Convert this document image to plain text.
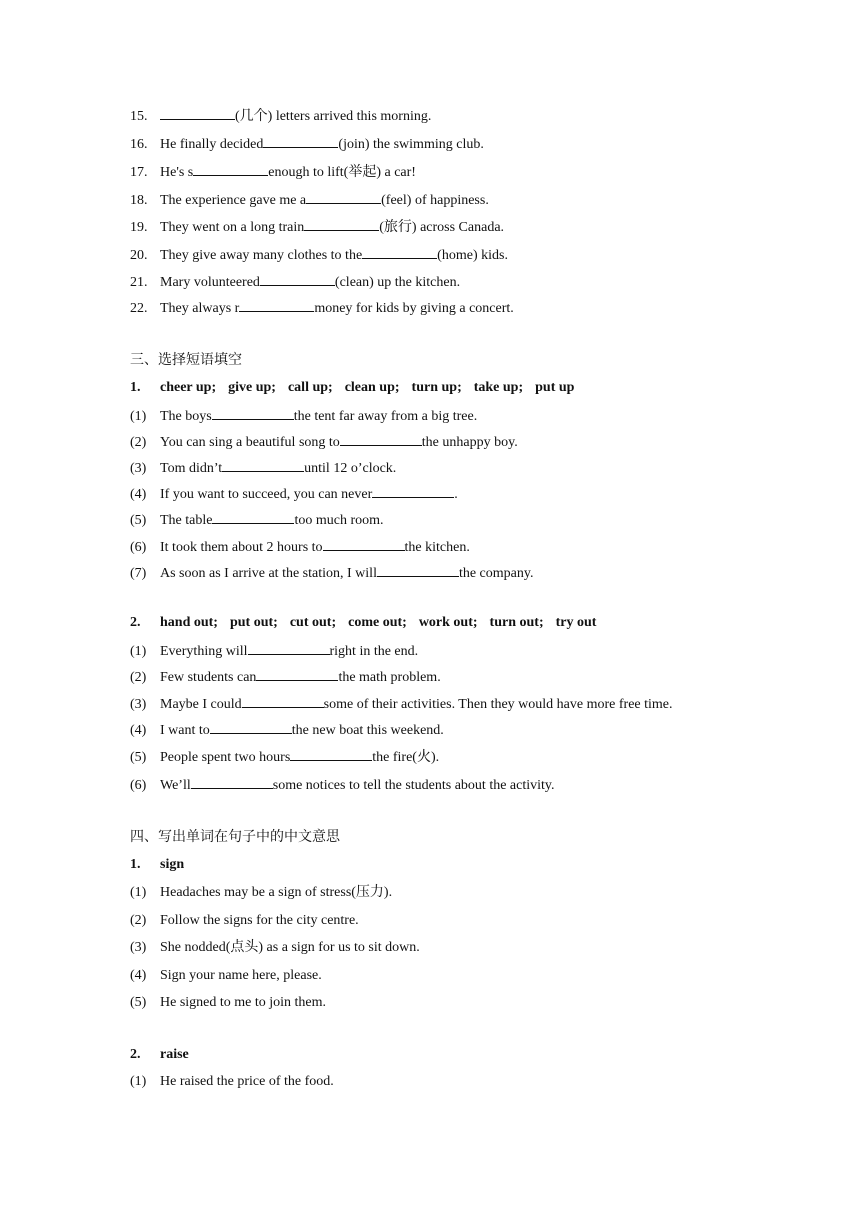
15.	(几个) letters arrived this morning.
16. He finally decided	(join) the swimming club.
17. He's s	enough to lift(举起) a car!
18. The experience gave me a	(feel) of happiness.
19. They went on a long train	(旅行) across Canada.
20. They give away many clothes to the	(home) kids.
21. Mary volunteered	(clean) up the kitchen.
22. They always r	money for kids by giving a concert.
三、选择短语填空
1. cheer up; give up; call up; clean up; turn up; take up; put up
(1) The boys	the tent far away from a big tree.
(2) You can sing a beautiful song to	the unhappy boy.
(3) Tom didn’t	until 12 o’clock.
(4) If you want to succeed, you can never	.
(5) The table	too much room.
(6) It took them about 2 hours to	the kitchen.
(7) As soon as I arrive at the station, I will	the company.
2. hand out; put out; cut out; come out; work out; turn out; try out
(1) Everything will	right in the end.
(2) Few students can	the math problem.
(3) Maybe I could	some of their activities. Then they would have more free time.
(4) I want to	the new boat this weekend.
(5) People spent two hours	the fire(火).
(6) We’ll	some notices to tell the students about the activity.
四、写出单词在句子中的中文意思
1. sign
(1) Headaches may be a sign of stress(压力).
(2) Follow the signs for the city centre.
(3) She nodded(点头) as a sign for us to sit down.
(4) Sign your name here, please.
(5) He signed to me to join them.
2. raise
(1) He raised the price of the food.
